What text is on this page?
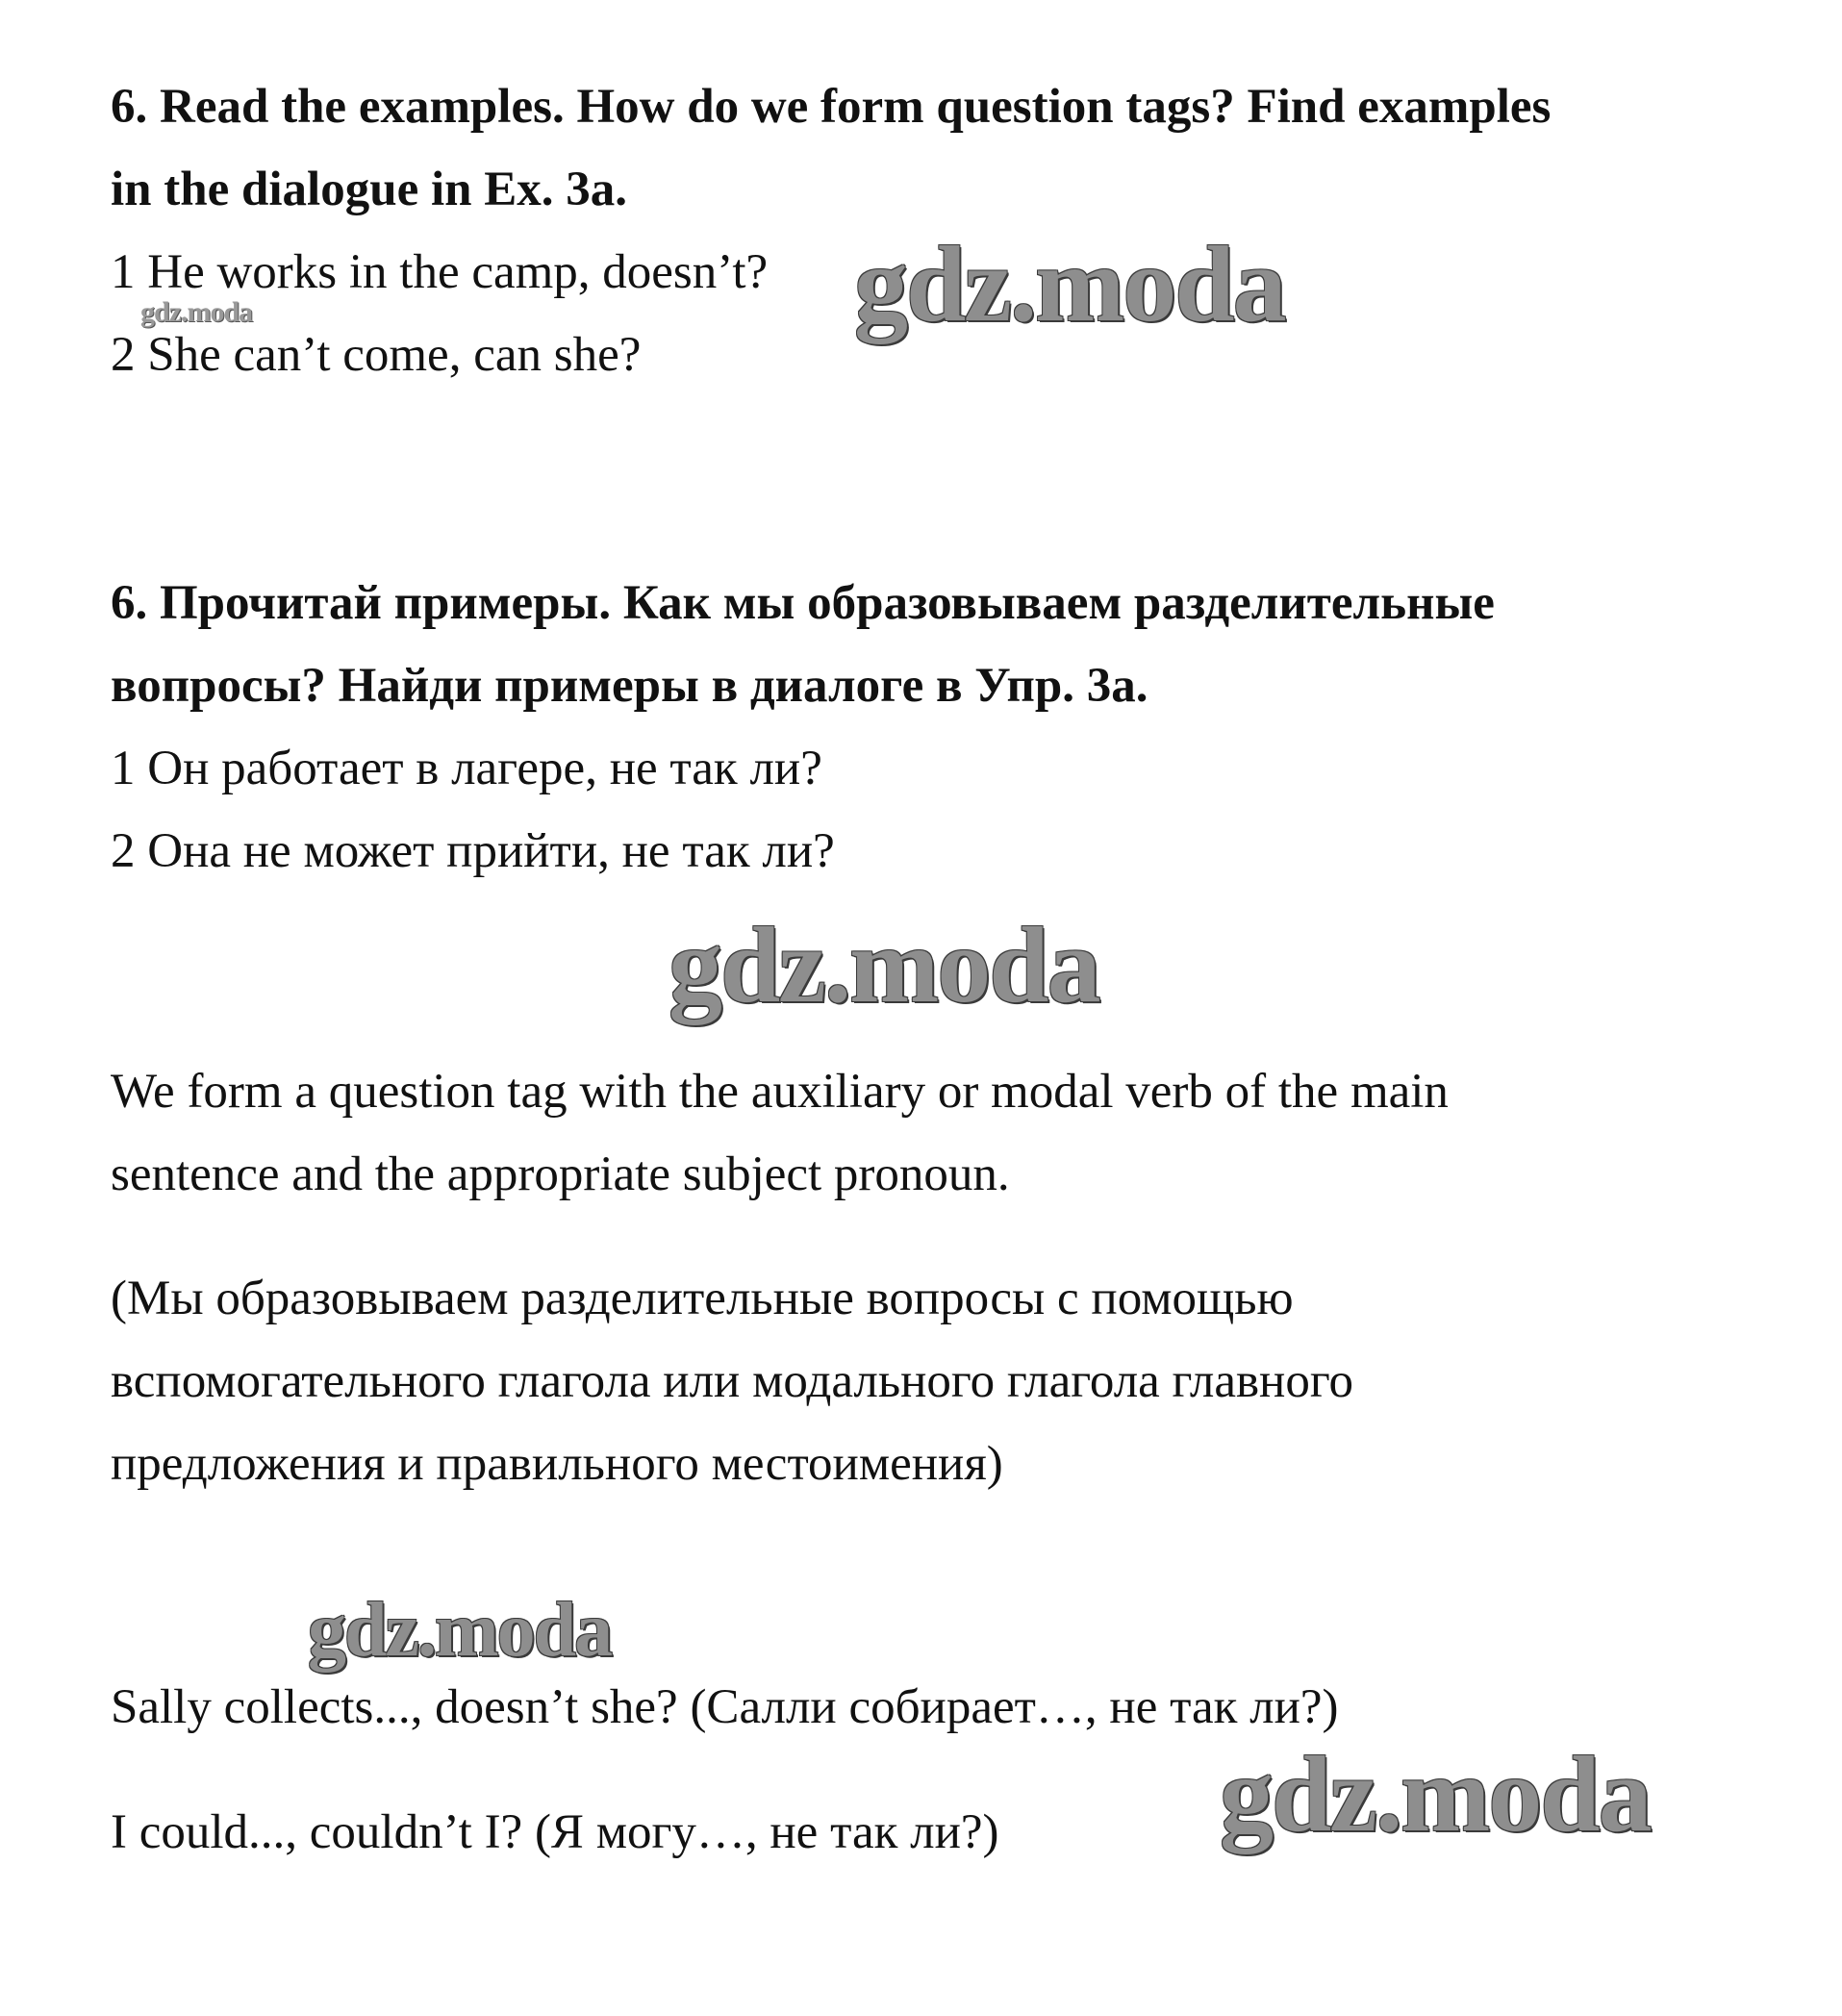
6. Read the examples. How do we form question tags? Find examples
in the dialogue in Ex. 3a.
1 He works in the camp, doesn’t?
2 She can’t come, can she?
6. Прочитай примеры. Как мы образовываем разделительные
вопросы? Найди примеры в диалоге в Упр. 3а.
1 Он работает в лагере, не так ли?
2 Она не может прийти, не так ли?
We form a question tag with the auxiliary or modal verb of the main
sentence and the appropriate subject pronoun.
(Мы образовываем разделительные вопросы с помощью
вспомогательного глагола или модального глагола главного
предложения и правильного местоимения)
Sally collects..., doesn’t she? (Салли собирает…, не так ли?)
I could..., couldn’t I? (Я могу…, не так ли?)
gdz.moda
gdz.moda
gdz.moda
gdz.moda
gdz.moda
